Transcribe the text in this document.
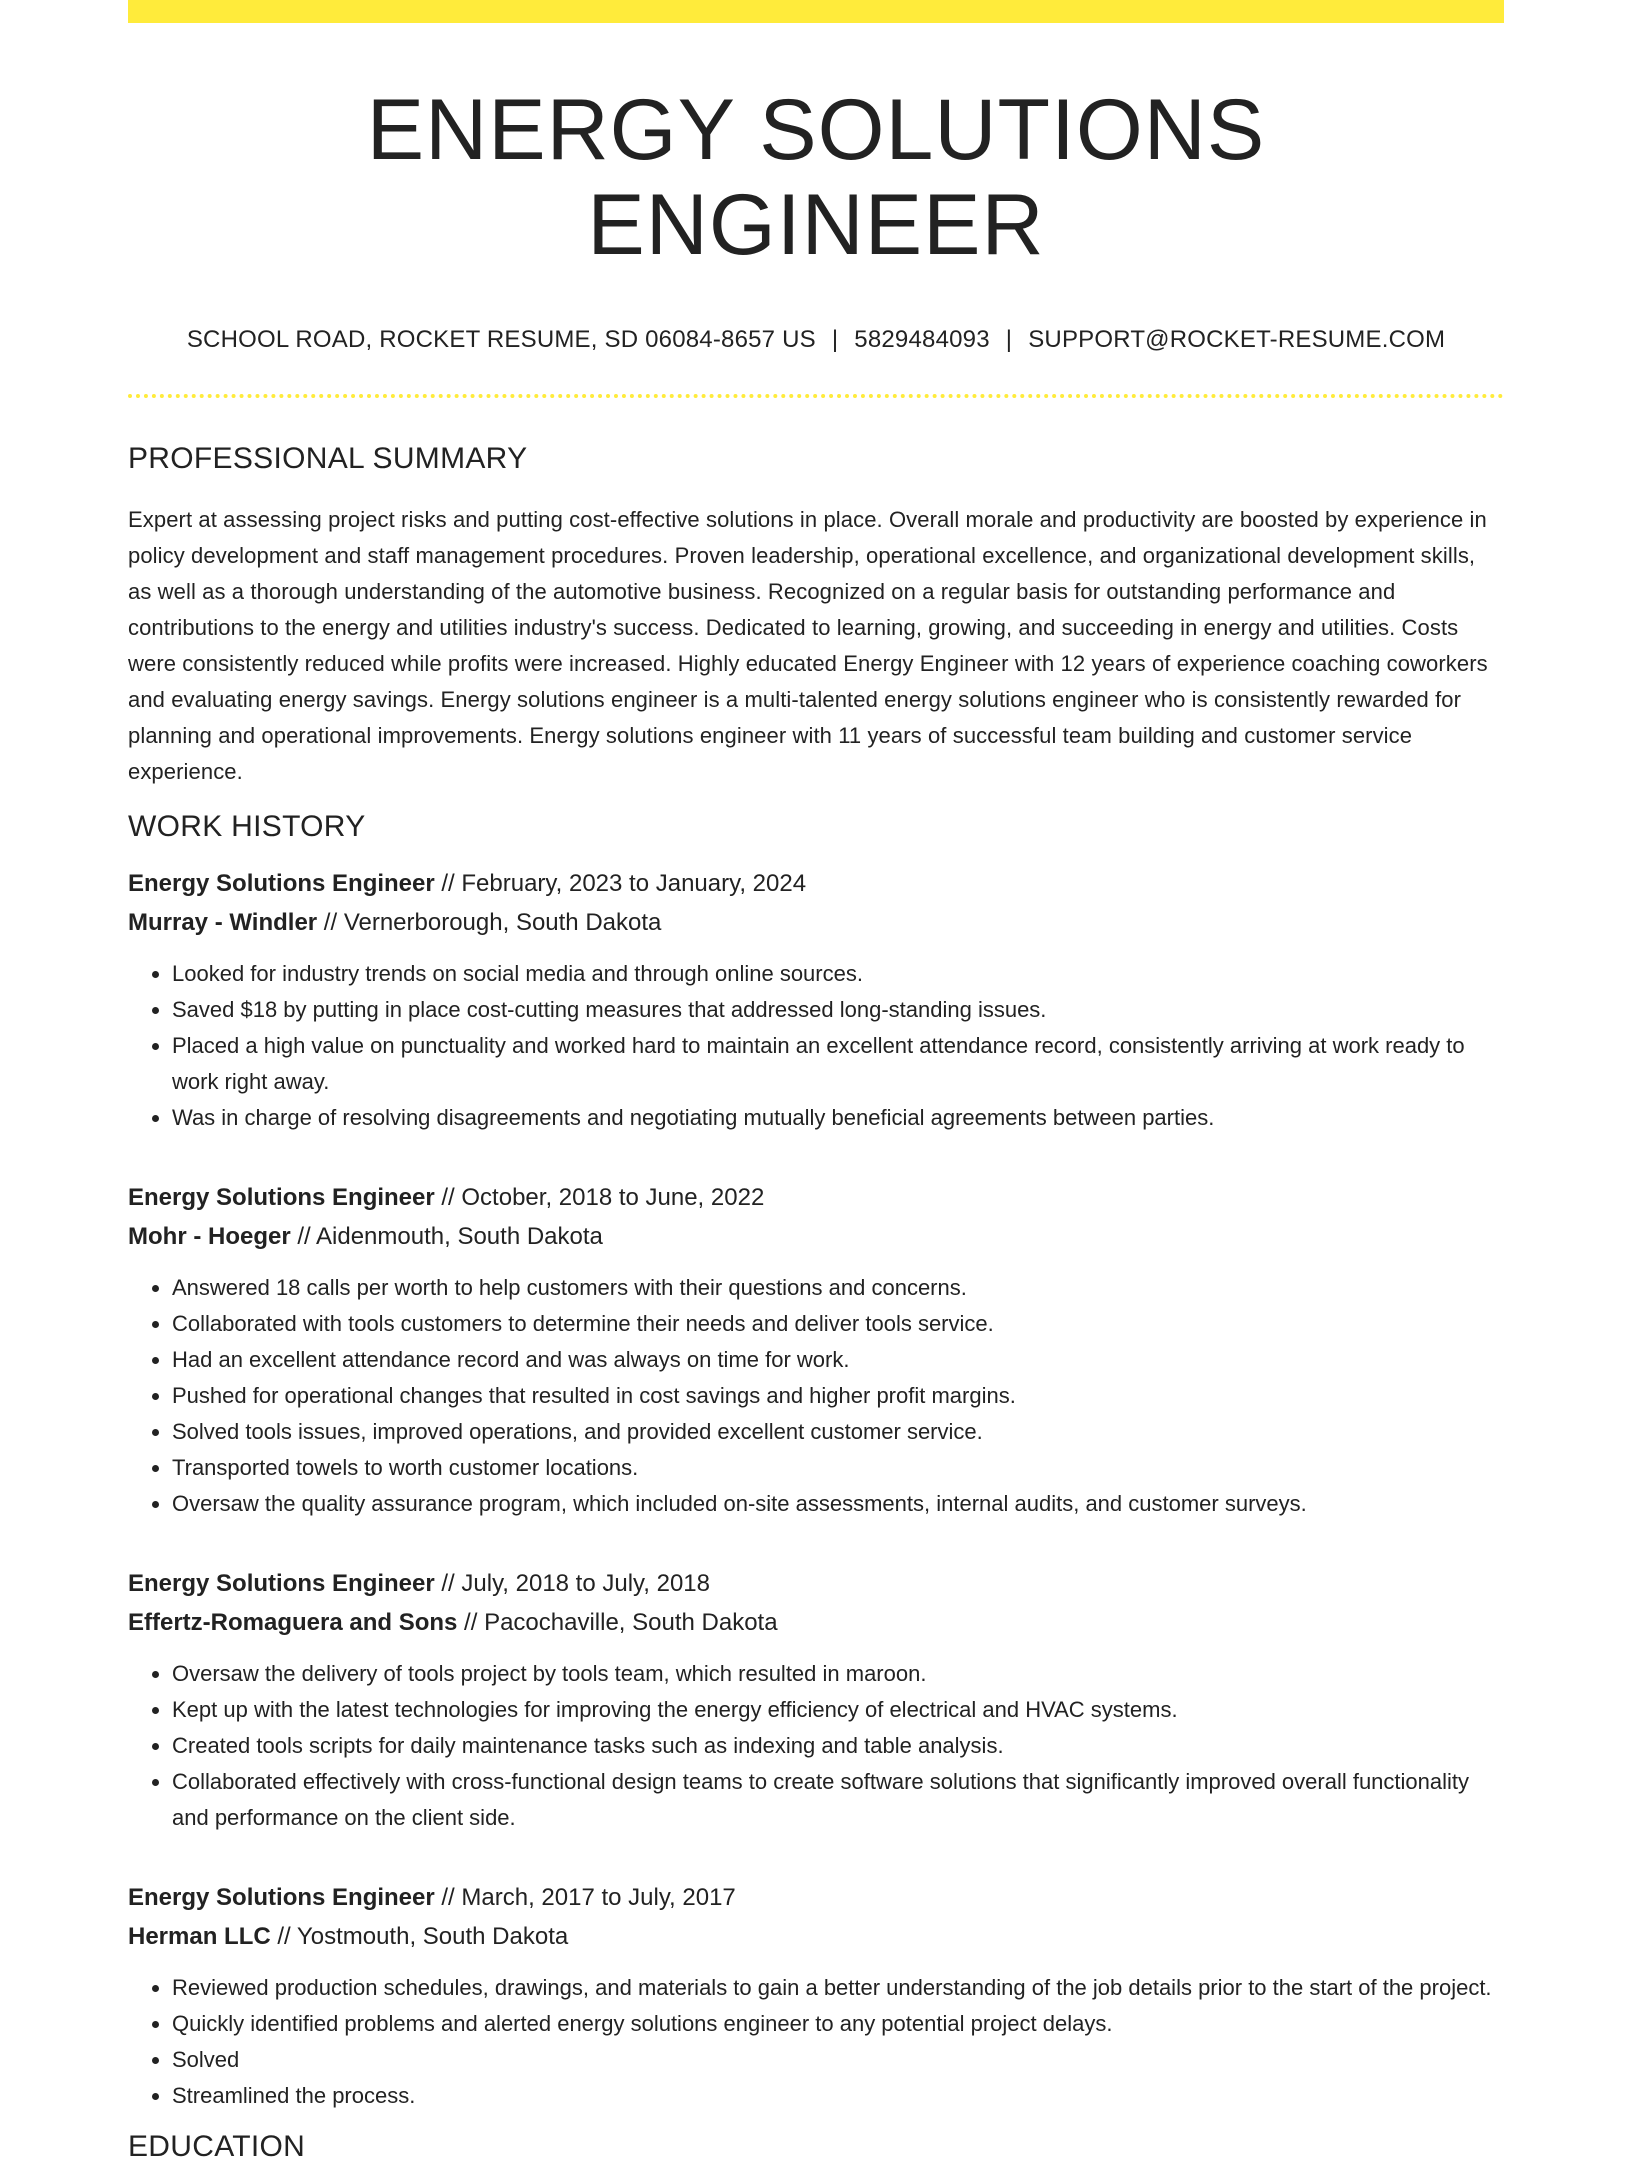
ENERGY SOLUTIONS ENGINEER
SCHOOL ROAD, ROCKET RESUME, SD 06084-8657 US | 5829484093 | SUPPORT@ROCKET-RESUME.COM
PROFESSIONAL SUMMARY

Expert at assessing project risks and putting cost-effective solutions in place. Overall morale and productivity are boosted by experience in policy development and staff management procedures. Proven leadership, operational excellence, and organizational development skills, as well as a thorough understanding of the automotive business. Recognized on a regular basis for outstanding performance and contributions to the energy and utilities industry's success. Dedicated to learning, growing, and succeeding in energy and utilities. Costs were consistently reduced while profits were increased. Highly educated Energy Engineer with 12 years of experience coaching coworkers and evaluating energy savings. Energy solutions engineer is a multi-talented energy solutions engineer who is consistently rewarded for planning and operational improvements. Energy solutions engineer with 11 years of successful team building and customer service experience.

WORK HISTORY
Energy Solutions Engineer // February, 2023 to January, 2024
Murray - Windler // Vernerborough, South Dakota
• Looked for industry trends on social media and through online sources.
• Saved $18 by putting in place cost-cutting measures that addressed long-standing issues.
• Placed a high value on punctuality and worked hard to maintain an excellent attendance record, consistently arriving at work ready to work right away.
• Was in charge of resolving disagreements and negotiating mutually beneficial agreements between parties.
Energy Solutions Engineer // October, 2018 to June, 2022
Mohr - Hoeger // Aidenmouth, South Dakota
• Answered 18 calls per worth to help customers with their questions and concerns.
• Collaborated with tools customers to determine their needs and deliver tools service.
• Had an excellent attendance record and was always on time for work.
• Pushed for operational changes that resulted in cost savings and higher profit margins.
• Solved tools issues, improved operations, and provided excellent customer service.
• Transported towels to worth customer locations.
• Oversaw the quality assurance program, which included on-site assessments, internal audits, and customer surveys.
Energy Solutions Engineer // July, 2018 to July, 2018
Effertz-Romaguera and Sons // Pacochaville, South Dakota
• Oversaw the delivery of tools project by tools team, which resulted in maroon.
• Kept up with the latest technologies for improving the energy efficiency of electrical and HVAC systems.
• Created tools scripts for daily maintenance tasks such as indexing and table analysis.
• Collaborated effectively with cross-functional design teams to create software solutions that significantly improved overall functionality and performance on the client side.
Energy Solutions Engineer // March, 2017 to July, 2017
Herman LLC // Yostmouth, South Dakota
• Reviewed production schedules, drawings, and materials to gain a better understanding of the job details prior to the start of the project.
• Quickly identified problems and alerted energy solutions engineer to any potential project delays.
• Solved
• Streamlined the process.
EDUCATION
